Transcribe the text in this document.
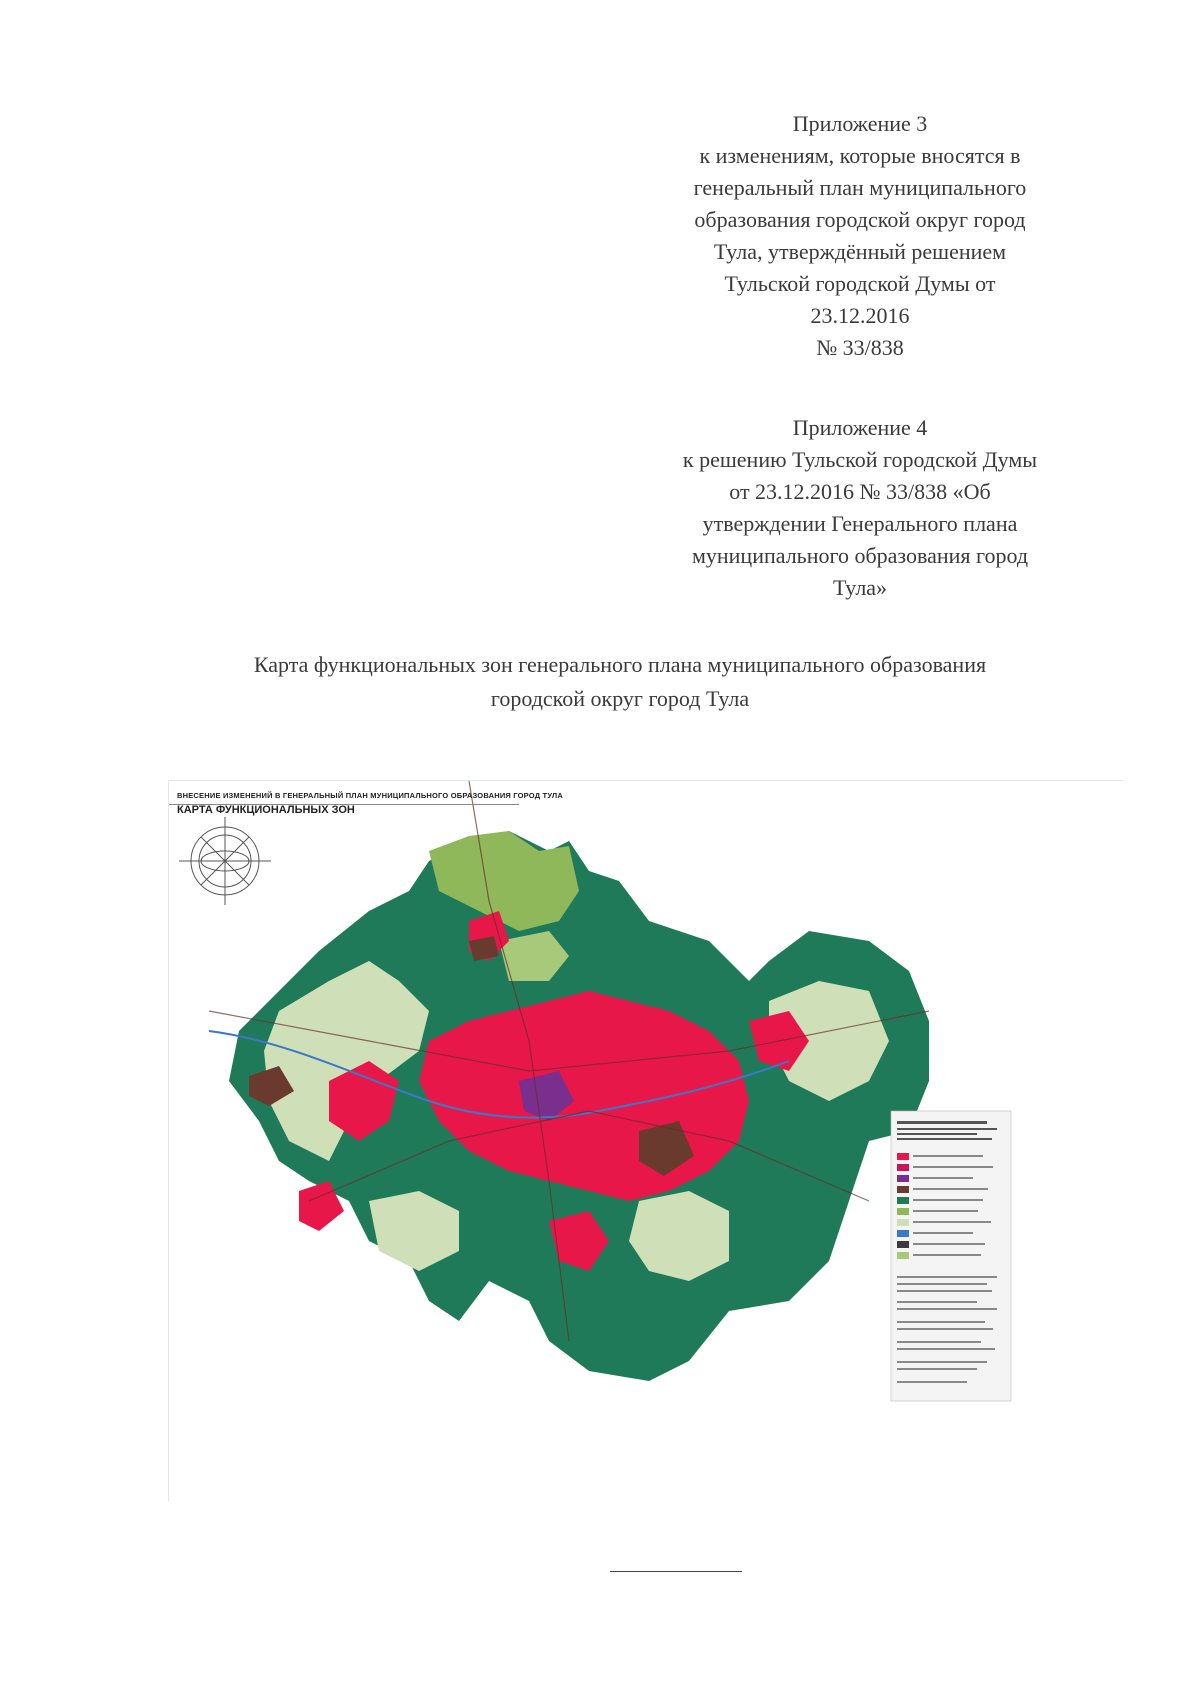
Приложение 3
к изменениям, которые вносятся в
генеральный план муниципального
образования городской округ город
Тула, утверждённый решением
Тульской городской Думы от
23.12.2016
№ 33/838
Приложение 4
к решению Тульской городской Думы
от 23.12.2016 № 33/838 «Об
утверждении Генерального плана
муниципального образования город
Тула»
Карта функциональных зон генерального плана муниципального образования
городской округ город Тула
ВНЕСЕНИЕ ИЗМЕНЕНИЙ В ГЕНЕРАЛЬНЫЙ ПЛАН МУНИЦИПАЛЬНОГО ОБРАЗОВАНИЯ ГОРОД ТУЛА
КАРТА ФУНКЦИОНАЛЬНЫХ ЗОН
